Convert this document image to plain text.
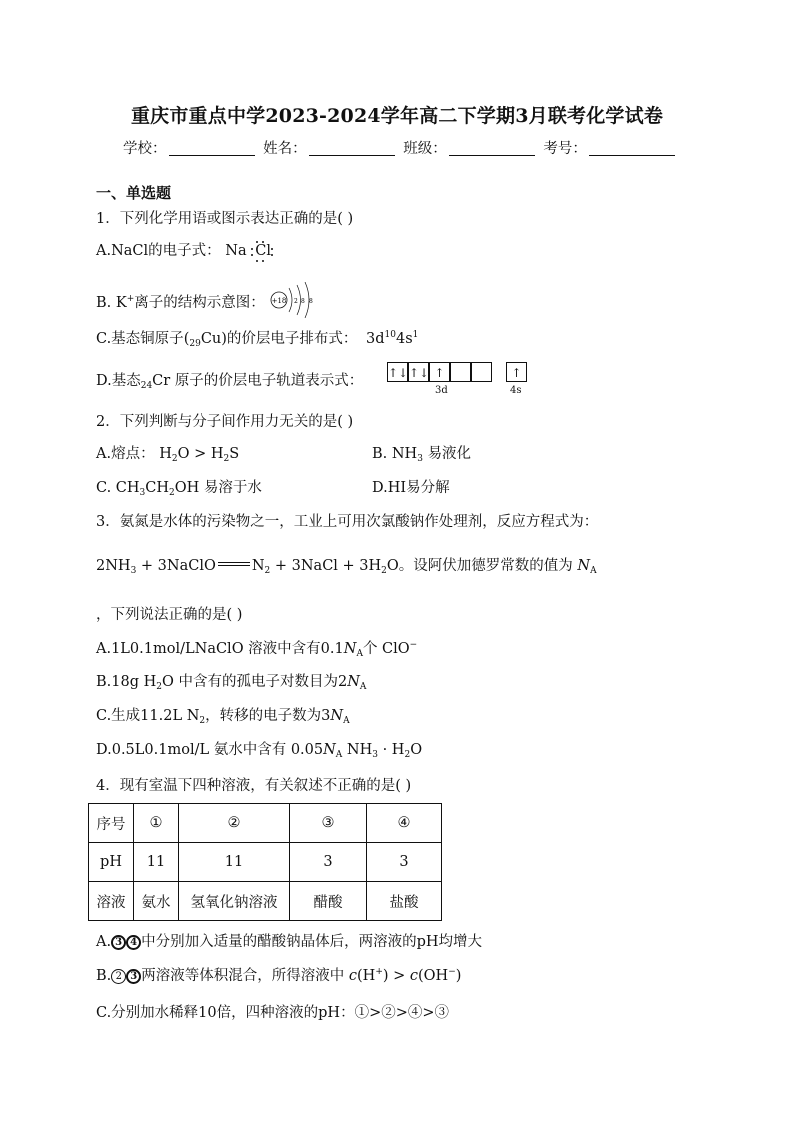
重庆市重点中学2023-2024学年高二下学期3月联考化学试卷
学校：	姓名：	班级：	考号：
一、单选题
1．下列化学用语或图示表达正确的是( )
A.NaCl的电子式： Na Cl
B. K+离子的结构示意图： +18 2 8 8
C.基态铜原子$(_{29}Cu)$的价层电子排布式： $3d^{10}4s^1$
D.基态$_{24}$Cr 原子的价层电子轨道表示式： ↑↓ ↑↓ ↑	↑
3d	4s
2．下列判断与分子间作用力无关的是( )
A.熔点： $H_2O > H_2S$	B. $NH_3$ 易液化
C. $CH_3CH_2OH$ 易溶于水	D.HI易分解
3．氨氮是水体的污染物之一，工业上可用次氯酸钠作处理剂，反应方程式为：
$2NH_3$ + 3NaClO $N_2$ + 3NaCl + $3H_2O$。设阿伏加德罗常数的值为 $N_A$
，下列说法正确的是( )
A.1L0.1mol/LNaClO 溶液中含有$0.1N_A$个 ClO−
B.18g $H_2O$ 中含有的孤电子对数目为$2N_A$
C.生成11.2L $N_2$，转移的电子数为$3N_A$
D.0.5L0.1mol/L 氨水中含有 $0.05N_A$ $NH_3 \cdot H_2O$
4．现有室温下四种溶液，有关叙述不正确的是( )
序号	①	②	③	④
pH	11	11	3	3
溶液	氨水	氢氧化钠溶液	醋酸	盐酸
A. 3 4 中分别加入适量的醋酸钠晶体后，两溶液的pH均增大
B. 2 3 两溶液等体积混合，所得溶液中 c(H+) > c(OH−)
C.分别加水稀释10倍，四种溶液的pH：①>②>④>③
